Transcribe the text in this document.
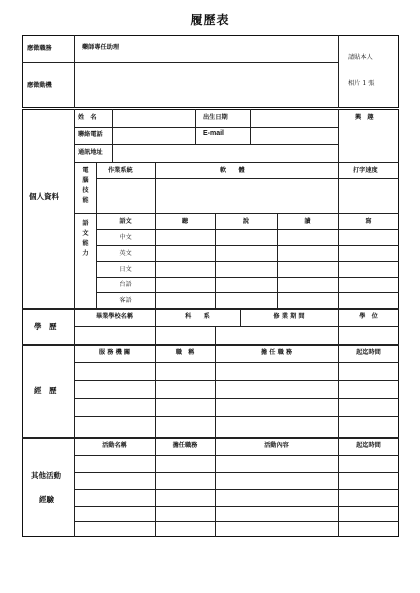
履歷表
應徵職務	藥師專任助理
應徵動機
請貼本人
相片 1 張
個人資料
學　歷
經　歷
其他活動
經驗
姓　名	出生日期	興　趣
聯絡電話	E-mail
通訊地址
電腦技能
作業系統	軟　　體	打字速度
語文能力
語文	聽	說	讀	寫
中文
英文
日文
台語
客語
畢業學校名稱	科　　系	修 業 期 間	學　位
服 務 機 關	職　稱	擔 任 職 務	起迄時間
活動名稱	擔任職務	活動內容	起迄時間
